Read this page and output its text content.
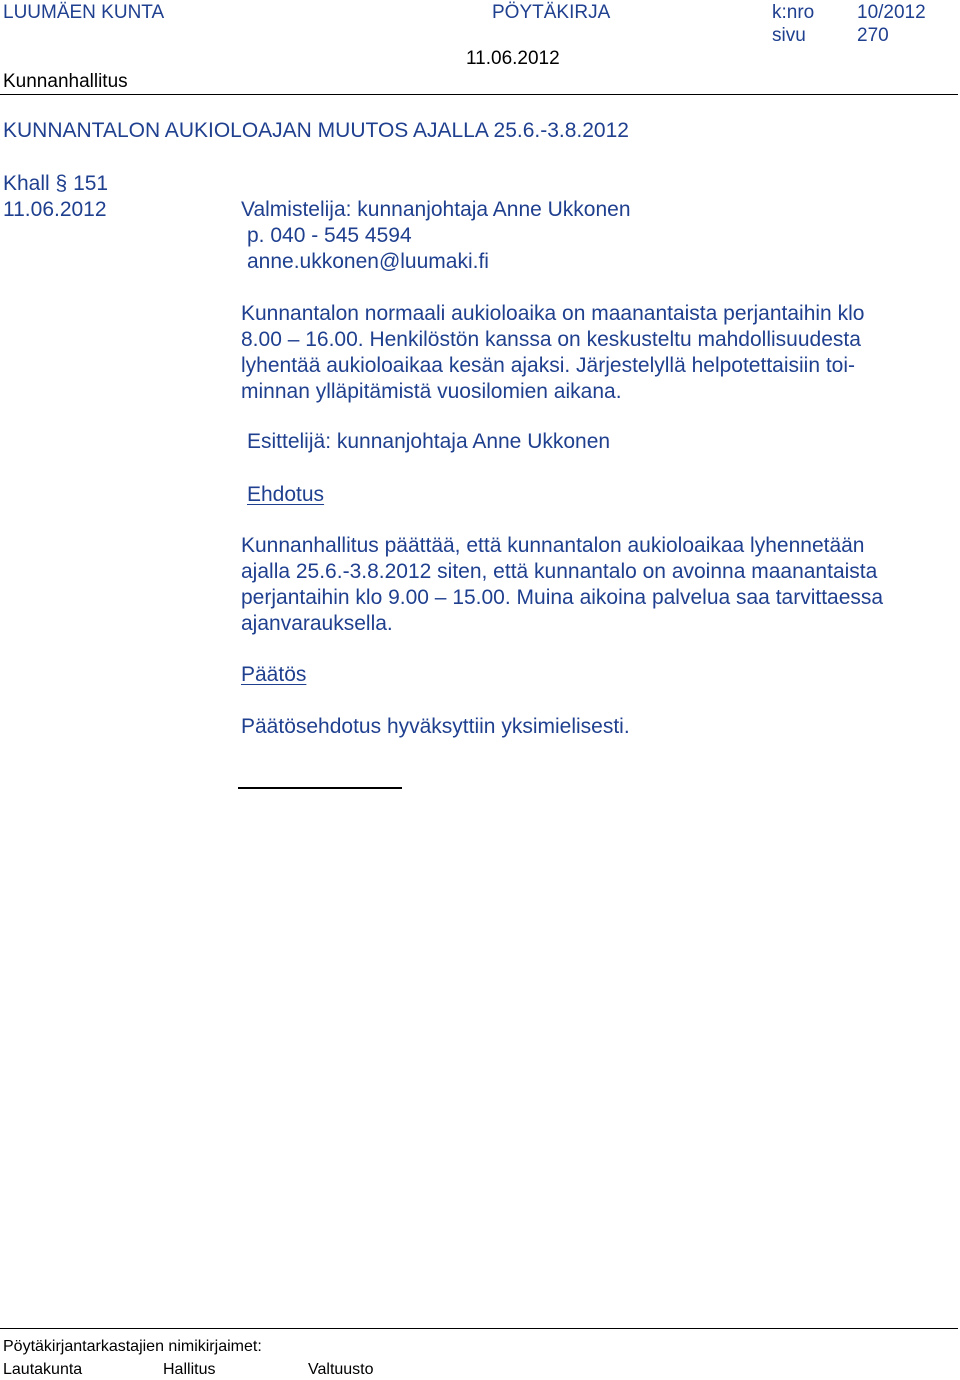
LUUMÄEN KUNTA	PÖYTÄKIRJA	k:nro 10/2012
sivu	270
11.06.2012
Kunnanhallitus
KUNNANTALON AUKIOLOAJAN MUUTOS AJALLA 25.6.-3.8.2012
Khall § 151
11.06.2012	Valmistelija: kunnanjohtaja Anne Ukkonen
p. 040 - 545 4594
anne.ukkonen@luumaki.fi
Kunnantalon normaali aukioloaika on maanantaista perjantaihin klo
8.00 – 16.00. Henkilöstön kanssa on keskusteltu mahdollisuudesta
lyhentää aukioloaikaa kesän ajaksi. Järjestelyllä helpotettaisiin toi-
minnan ylläpitämistä vuosilomien aikana.
Esittelijä: kunnanjohtaja Anne Ukkonen
Ehdotus
Kunnanhallitus päättää, että kunnantalon aukioloaikaa lyhennetään
ajalla 25.6.-3.8.2012 siten, että kunnantalo on avoinna maanantaista
perjantaihin klo 9.00 – 15.00. Muina aikoina palvelua saa tarvittaessa
ajanvarauksella.
Päätös
Päätösehdotus hyväksyttiin yksimielisesti.
Pöytäkirjantarkastajien nimikirjaimet:
Lautakunta	Hallitus	Valtuusto
